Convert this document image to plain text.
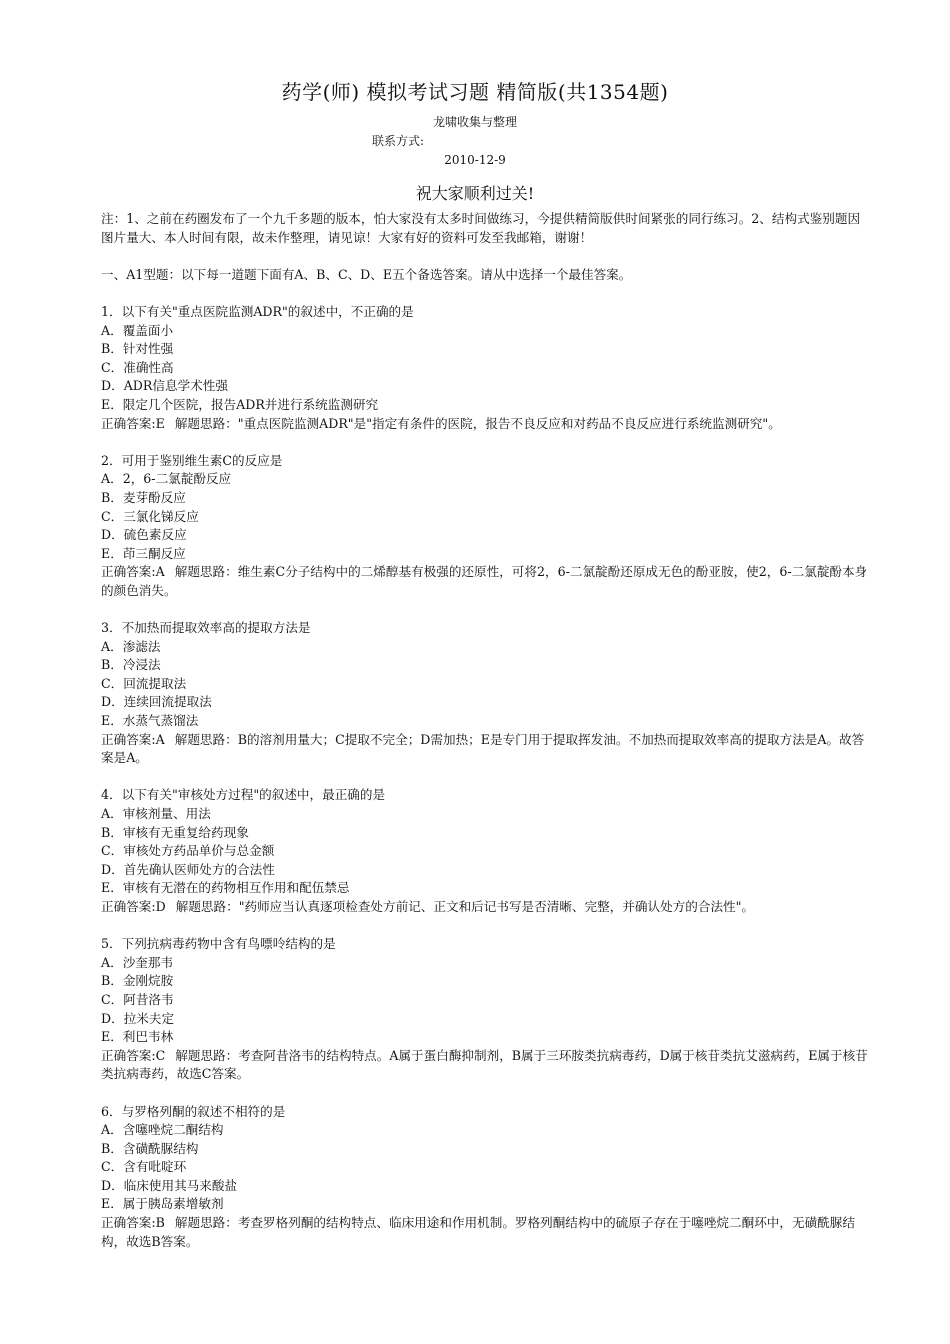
药学(师) 模拟考试习题 精简版(共1354题)
龙啸收集与整理
联系方式:
2010-12-9
祝大家顺利过关!

注：1、之前在药圈发布了一个九千多题的版本，怕大家没有太多时间做练习，今提供精简版供时间紧张的同行练习。2、结构式鉴别题因图片量大、本人时间有限，故未作整理，请见谅！大家有好的资料可发至我邮箱，谢谢！

一、A1型题：以下每一道题下面有A、B、C、D、E五个备选答案。请从中选择一个最佳答案。

1．以下有关"重点医院监测ADR"的叙述中，不正确的是

A．覆盖面小

B．针对性强

C．准确性高

D．ADR信息学术性强

E．限定几个医院，报告ADR并进行系统监测研究

正确答案:E 解题思路："重点医院监测ADR"是"指定有条件的医院，报告不良反应和对药品不良反应进行系统监测研究"。

2．可用于鉴别维生素C的反应是

A．2，6-二氯靛酚反应

B．麦芽酚反应

C．三氯化锑反应

D．硫色素反应

E．茚三酮反应

正确答案:A 解题思路：维生素C分子结构中的二烯醇基有极强的还原性，可将2，6-二氯靛酚还原成无色的酚亚胺，使2，6-二氯靛酚本身的颜色消失。

3．不加热而提取效率高的提取方法是

A．渗滤法

B．冷浸法

C．回流提取法

D．连续回流提取法

E．水蒸气蒸馏法

正确答案:A 解题思路：B的溶剂用量大；C提取不完全；D需加热；E是专门用于提取挥发油。不加热而提取效率高的提取方法是A。故答案是A。

4．以下有关"审核处方过程"的叙述中，最正确的是

A．审核剂量、用法

B．审核有无重复给药现象

C．审核处方药品单价与总金额

D．首先确认医师处方的合法性

E．审核有无潜在的药物相互作用和配伍禁忌

正确答案:D 解题思路："药师应当认真逐项检查处方前记、正文和后记书写是否清晰、完整，并确认处方的合法性"。

5．下列抗病毒药物中含有鸟嘌呤结构的是

A．沙奎那韦

B．金刚烷胺

C．阿昔洛韦

D．拉米夫定

E．利巴韦林

正确答案:C 解题思路：考查阿昔洛韦的结构特点。A属于蛋白酶抑制剂，B属于三环胺类抗病毒药，D属于核苷类抗艾滋病药，E属于核苷类抗病毒药，故选C答案。

6．与罗格列酮的叙述不相符的是

A．含噻唑烷二酮结构

B．含磺酰脲结构

C．含有吡啶环

D．临床使用其马来酸盐

E．属于胰岛素增敏剂

正确答案:B 解题思路：考查罗格列酮的结构特点、临床用途和作用机制。罗格列酮结构中的硫原子存在于噻唑烷二酮环中，无磺酰脲结构，故选B答案。
